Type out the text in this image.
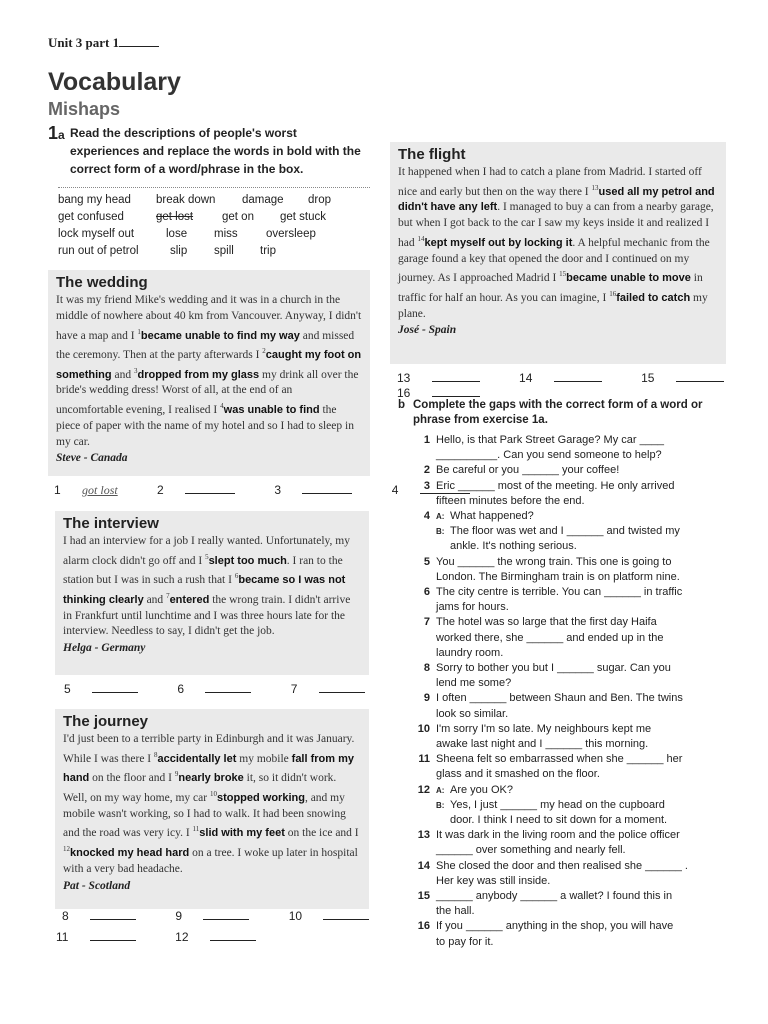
Unit 3 part 1
Vocabulary
Mishaps
1a Read the descriptions of people's worst experiences and replace the words in bold with the correct form of a word/phrase in the box.
bang my head	break down	damage	drop
get confused	get lost	get on	get stuck
lock myself out	lose	miss	oversleep
run out of petrol	slip	spill	trip
The wedding

It was my friend Mike's wedding and it was in a church in the middle of nowhere about 40 km from Vancouver. Anyway, I didn't have a map and I $^1$became unable to find my way and missed the ceremony. Then at the party afterwards I $^2$caught my foot on something and $^3$dropped from my glass my drink all over the bride's wedding dress! Worst of all, at the end of an uncomfortable evening, I realised I $^4$was unable to find the piece of paper with the name of my hotel and so I had to sleep in my car.

Steve - Canada
1 got lost	2	3	4
The interview

I had an interview for a job I really wanted. Unfortunately, my alarm clock didn't go off and I $^5$slept too much. I ran to the station but I was in such a rush that I $^6$became so I was not thinking clearly and $^7$entered the wrong train. I didn't arrive in Frankfurt until lunchtime and I was three hours late for the interview. Needless to say, I didn't get the job.

Helga - Germany
5	6	7
The journey

I'd just been to a terrible party in Edinburgh and it was January. While I was there I $^8$accidentally let my mobile fall from my hand on the floor and I $^9$nearly broke it, so it didn't work. Well, on my way home, my car $^{10}$stopped working, and my mobile wasn't working, so I had to walk. It had been snowing and the road was very icy. I $^{11}$slid with my feet on the ice and I $^{12}$knocked my head hard on a tree. I woke up later in hospital with a very bad headache.

Pat - Scotland
8	9	10
11	12
The flight

It happened when I had to catch a plane from Madrid. I started off nice and early but then on the way there I $^{13}$used all my petrol and didn't have any left. I managed to buy a can from a nearby garage, but when I got back to the car I saw my keys inside it and realized I had $^{14}$kept myself out by locking it. A helpful mechanic from the garage found a key that opened the door and I continued on my journey. As I approached Madrid I $^{15}$became unable to move in traffic for half an hour. As you can imagine, I $^{16}$failed to catch my plane.

José - Spain
13	14	15  16
b Complete the gaps with the correct form of a word or phrase from exercise 1a.
1 Hello, is that Park Street Garage? My car ____
__________. Can you send someone to help?
2 Be careful or you ______ your coffee!
3 Eric ______ most of the meeting. He only arrived
fifteen minutes before the end.
4 A: What happened?
B: The floor was wet and I ______ and twisted my
ankle. It's nothing serious.
5 You ______ the wrong train. This one is going to
London. The Birmingham train is on platform nine.
6 The city centre is terrible. You can ______ in traffic
jams for hours.
7 The hotel was so large that the first day Haifa
worked there, she ______ and ended up in the
laundry room.
8 Sorry to bother you but I ______ sugar. Can you
lend me some?
9 I often ______ between Shaun and Ben. The twins
look so similar.
10 I'm sorry I'm so late. My neighbours kept me
awake last night and I ______ this morning.
11 Sheena felt so embarrassed when she ______ her
glass and it smashed on the floor.
12 A: Are you OK?
B: Yes, I just ______ my head on the cupboard
door. I think I need to sit down for a moment.
13 It was dark in the living room and the police officer
______ over something and nearly fell.
14 She closed the door and then realised she ______ .
Her key was still inside.
15 ______ anybody ______ a wallet? I found this in
the hall.
16 If you ______ anything in the shop, you will have
to pay for it.
